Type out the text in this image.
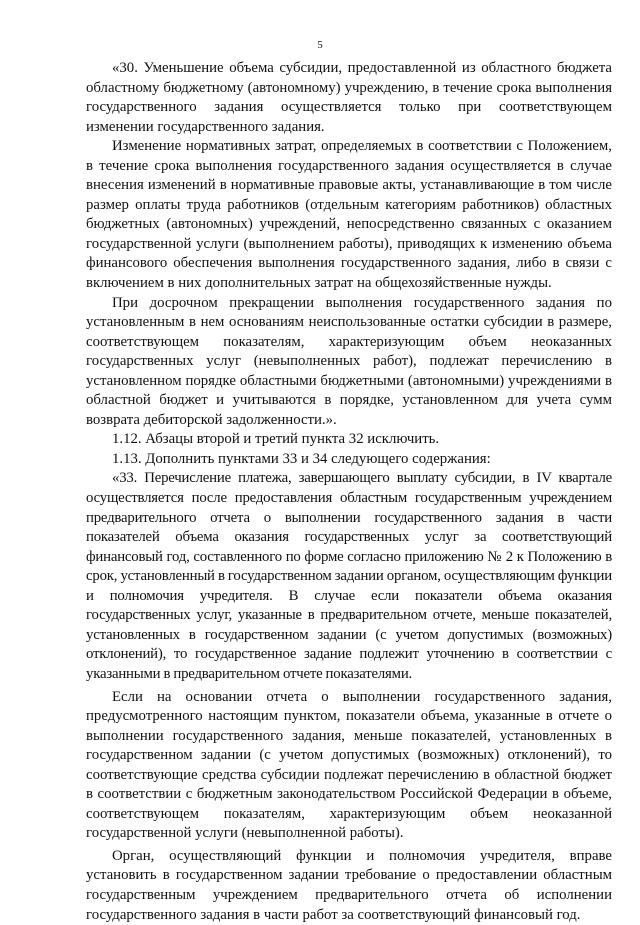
5

«30. Уменьшение объема субсидии, предоставленной из областного бюджета областному бюджетному (автономному) учреждению, в течение срока выполнения государственного задания осуществляется только при соответствующем изменении государственного задания.

Изменение нормативных затрат, определяемых в соответствии с Положением, в течение срока выполнения государственного задания осуществляется в случае внесения изменений в нормативные правовые акты, устанавливающие в том числе размер оплаты труда работников (отдельным категориям работников) областных бюджетных (автономных) учреждений, непосредственно связанных с оказанием государственной услуги (выполнением работы), приводящих к изменению объема финансового обеспечения выполнения государственного задания, либо в связи с включением в них дополнительных затрат на общехозяйственные нужды.

При досрочном прекращении выполнения государственного задания по установленным в нем основаниям неиспользованные остатки субсидии в размере, соответствующем показателям, характеризующим объем неоказанных государственных услуг (невыполненных работ), подлежат перечислению в установленном порядке областными бюджетными (автономными) учреждениями в областной бюджет и учитываются в порядке, установленном для учета сумм возврата дебиторской задолженности.».

1.12. Абзацы второй и третий пункта 32 исключить.

1.13. Дополнить пунктами 33 и 34 следующего содержания:

«33. Перечисление платежа, завершающего выплату субсидии, в IV квартале осуществляется после предоставления областным государственным учреждением предварительного отчета о выполнении государственного задания в части показателей объема оказания государственных услуг за соответствующий финансовый год, составленного по форме согласно приложению № 2 к Положению в срок, установленный в государственном задании органом, осуществляющим функции и полномочия учредителя. В случае если показатели объема оказания государственных услуг, указанные в предварительном отчете, меньше показателей, установленных в государственном задании (с учетом допустимых (возможных) отклонений), то государственное задание подлежит уточнению в соответствии с указанными в предварительном отчете показателями.

Если на основании отчета о выполнении государственного задания, предусмотренного настоящим пунктом, показатели объема, указанные в отчете о выполнении государственного задания, меньше показателей, установленных в государственном задании (с учетом допустимых (возможных) отклонений), то соответствующие средства субсидии подлежат перечислению в областной бюджет в соответствии с бюджетным законодательством Российской Федерации в объеме, соответствующем показателям, характеризующим объем неоказанной государственной услуги (невыполненной работы).

Орган, осуществляющий функции и полномочия учредителя, вправе установить в государственном задании требование о предоставлении областным государственным учреждением предварительного отчета об исполнении государственного задания в части работ за соответствующий финансовый год.
